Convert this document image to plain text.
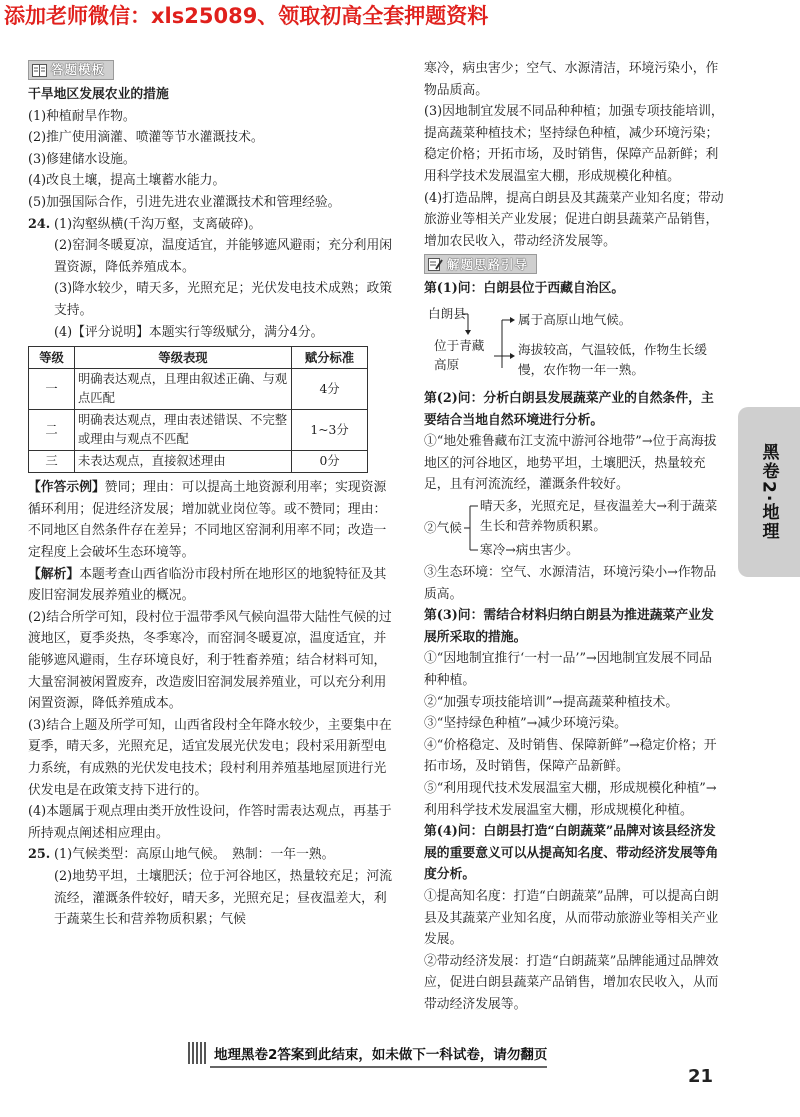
添加老师微信：xls25089、领取初高全套押题资料
答题模板

干旱地区发展农业的措施

(1)种植耐旱作物。

(2)推广使用滴灌、喷灌等节水灌溉技术。

(3)修建储水设施。

(4)改良土壤，提高土壤蓄水能力。

(5)加强国际合作，引进先进农业灌溉技术和管理经验。

24. (1)沟壑纵横(千沟万壑，支离破碎)。

(2)窑洞冬暖夏凉，温度适宜，并能够遮风避雨；充分利用闲置资源，降低养殖成本。

(3)降水较少，晴天多，光照充足；光伏发电技术成熟；政策支持。

(4)【评分说明】本题实行等级赋分，满分4分。

等级	等级表现	赋分标准
一	明确表达观点，且理由叙述正确、与观点匹配	4分
二	明确表达观点，理由表述错误、不完整或理由与观点不匹配	1~3分
三	未表达观点，直接叙述理由	0分

【作答示例】赞同；理由：可以提高土地资源利用率；实现资源循环利用；促进经济发展；增加就业岗位等。或不赞同；理由：不同地区自然条件存在差异；不同地区窑洞利用率不同；改造一定程度上会破坏生态环境等。

【解析】本题考查山西省临汾市段村所在地形区的地貌特征及其废旧窑洞发展养殖业的概况。

(2)结合所学可知，段村位于温带季风气候向温带大陆性气候的过渡地区，夏季炎热，冬季寒冷，而窑洞冬暖夏凉，温度适宜，并能够遮风避雨，生存环境良好，利于牲畜养殖；结合材料可知，大量窑洞被闲置废弃，改造废旧窑洞发展养殖业，可以充分利用闲置资源，降低养殖成本。

(3)结合上题及所学可知，山西省段村全年降水较少，主要集中在夏季，晴天多，光照充足，适宜发展光伏发电；段村采用新型电力系统，有成熟的光伏发电技术；段村利用养殖基地屋顶进行光伏发电是在政策支持下进行的。

(4)本题属于观点理由类开放性设问，作答时需表达观点，再基于所持观点阐述相应理由。

25. (1)气候类型：高原山地气候。　熟制：一年一熟。

(2)地势平坦，土壤肥沃；位于河谷地区，热量较充足；河流流经，灌溉条件较好，晴天多，光照充足；昼夜温差大，利于蔬菜生长和营养物质积累；气候

寒冷，病虫害少；空气、水源清洁，环境污染小，作物品质高。

(3)因地制宜发展不同品种种植；加强专项技能培训，提高蔬菜种植技术；坚持绿色种植，减少环境污染；稳定价格；开拓市场，及时销售，保障产品新鲜；利用科学技术发展温室大棚，形成规模化种植。

(4)打造品牌，提高白朗县及其蔬菜产业知名度；带动旅游业等相关产业发展；促进白朗县蔬菜产品销售，增加农民收入，带动经济发展等。

解题思路引导

第(1)问：白朗县位于西藏自治区。

白朗县
位于青藏高原
属于高原山地气候。
海拔较高，气温较低，作物生长缓慢，农作物一年一熟。

第(2)问：分析白朗县发展蔬菜产业的自然条件，主要结合当地自然环境进行分析。

①“地处雅鲁藏布江支流中游河谷地带”→位于高海拔地区的河谷地区，地势平坦，土壤肥沃，热量较充足，且有河流流经，灌溉条件较好。

②气候
晴天多，光照充足，昼夜温差大→利于蔬菜生长和营养物质积累。
寒冷→病虫害少。

③生态环境：空气、水源清洁，环境污染小→作物品质高。

第(3)问：需结合材料归纳白朗县为推进蔬菜产业发展所采取的措施。

①“因地制宜推行‘一村一品’”→因地制宜发展不同品种种植。

②“加强专项技能培训”→提高蔬菜种植技术。

③“坚持绿色种植”→减少环境污染。

④“价格稳定、及时销售、保障新鲜”→稳定价格；开拓市场，及时销售，保障产品新鲜。

⑤“利用现代技术发展温室大棚，形成规模化种植”→利用科学技术发展温室大棚，形成规模化种植。

第(4)问：白朗县打造“白朗蔬菜”品牌对该县经济发展的重要意义可以从提高知名度、带动经济发展等角度分析。

①提高知名度：打造“白朗蔬菜”品牌，可以提高白朗县及其蔬菜产业知名度，从而带动旅游业等相关产业发展。

②带动经济发展：打造“白朗蔬菜”品牌能通过品牌效应，促进白朗县蔬菜产品销售，增加农民收入，从而带动经济发展等。

黑卷2·地理
地理黑卷2答案到此结束，如未做下一科试卷，请勿翻页
21
